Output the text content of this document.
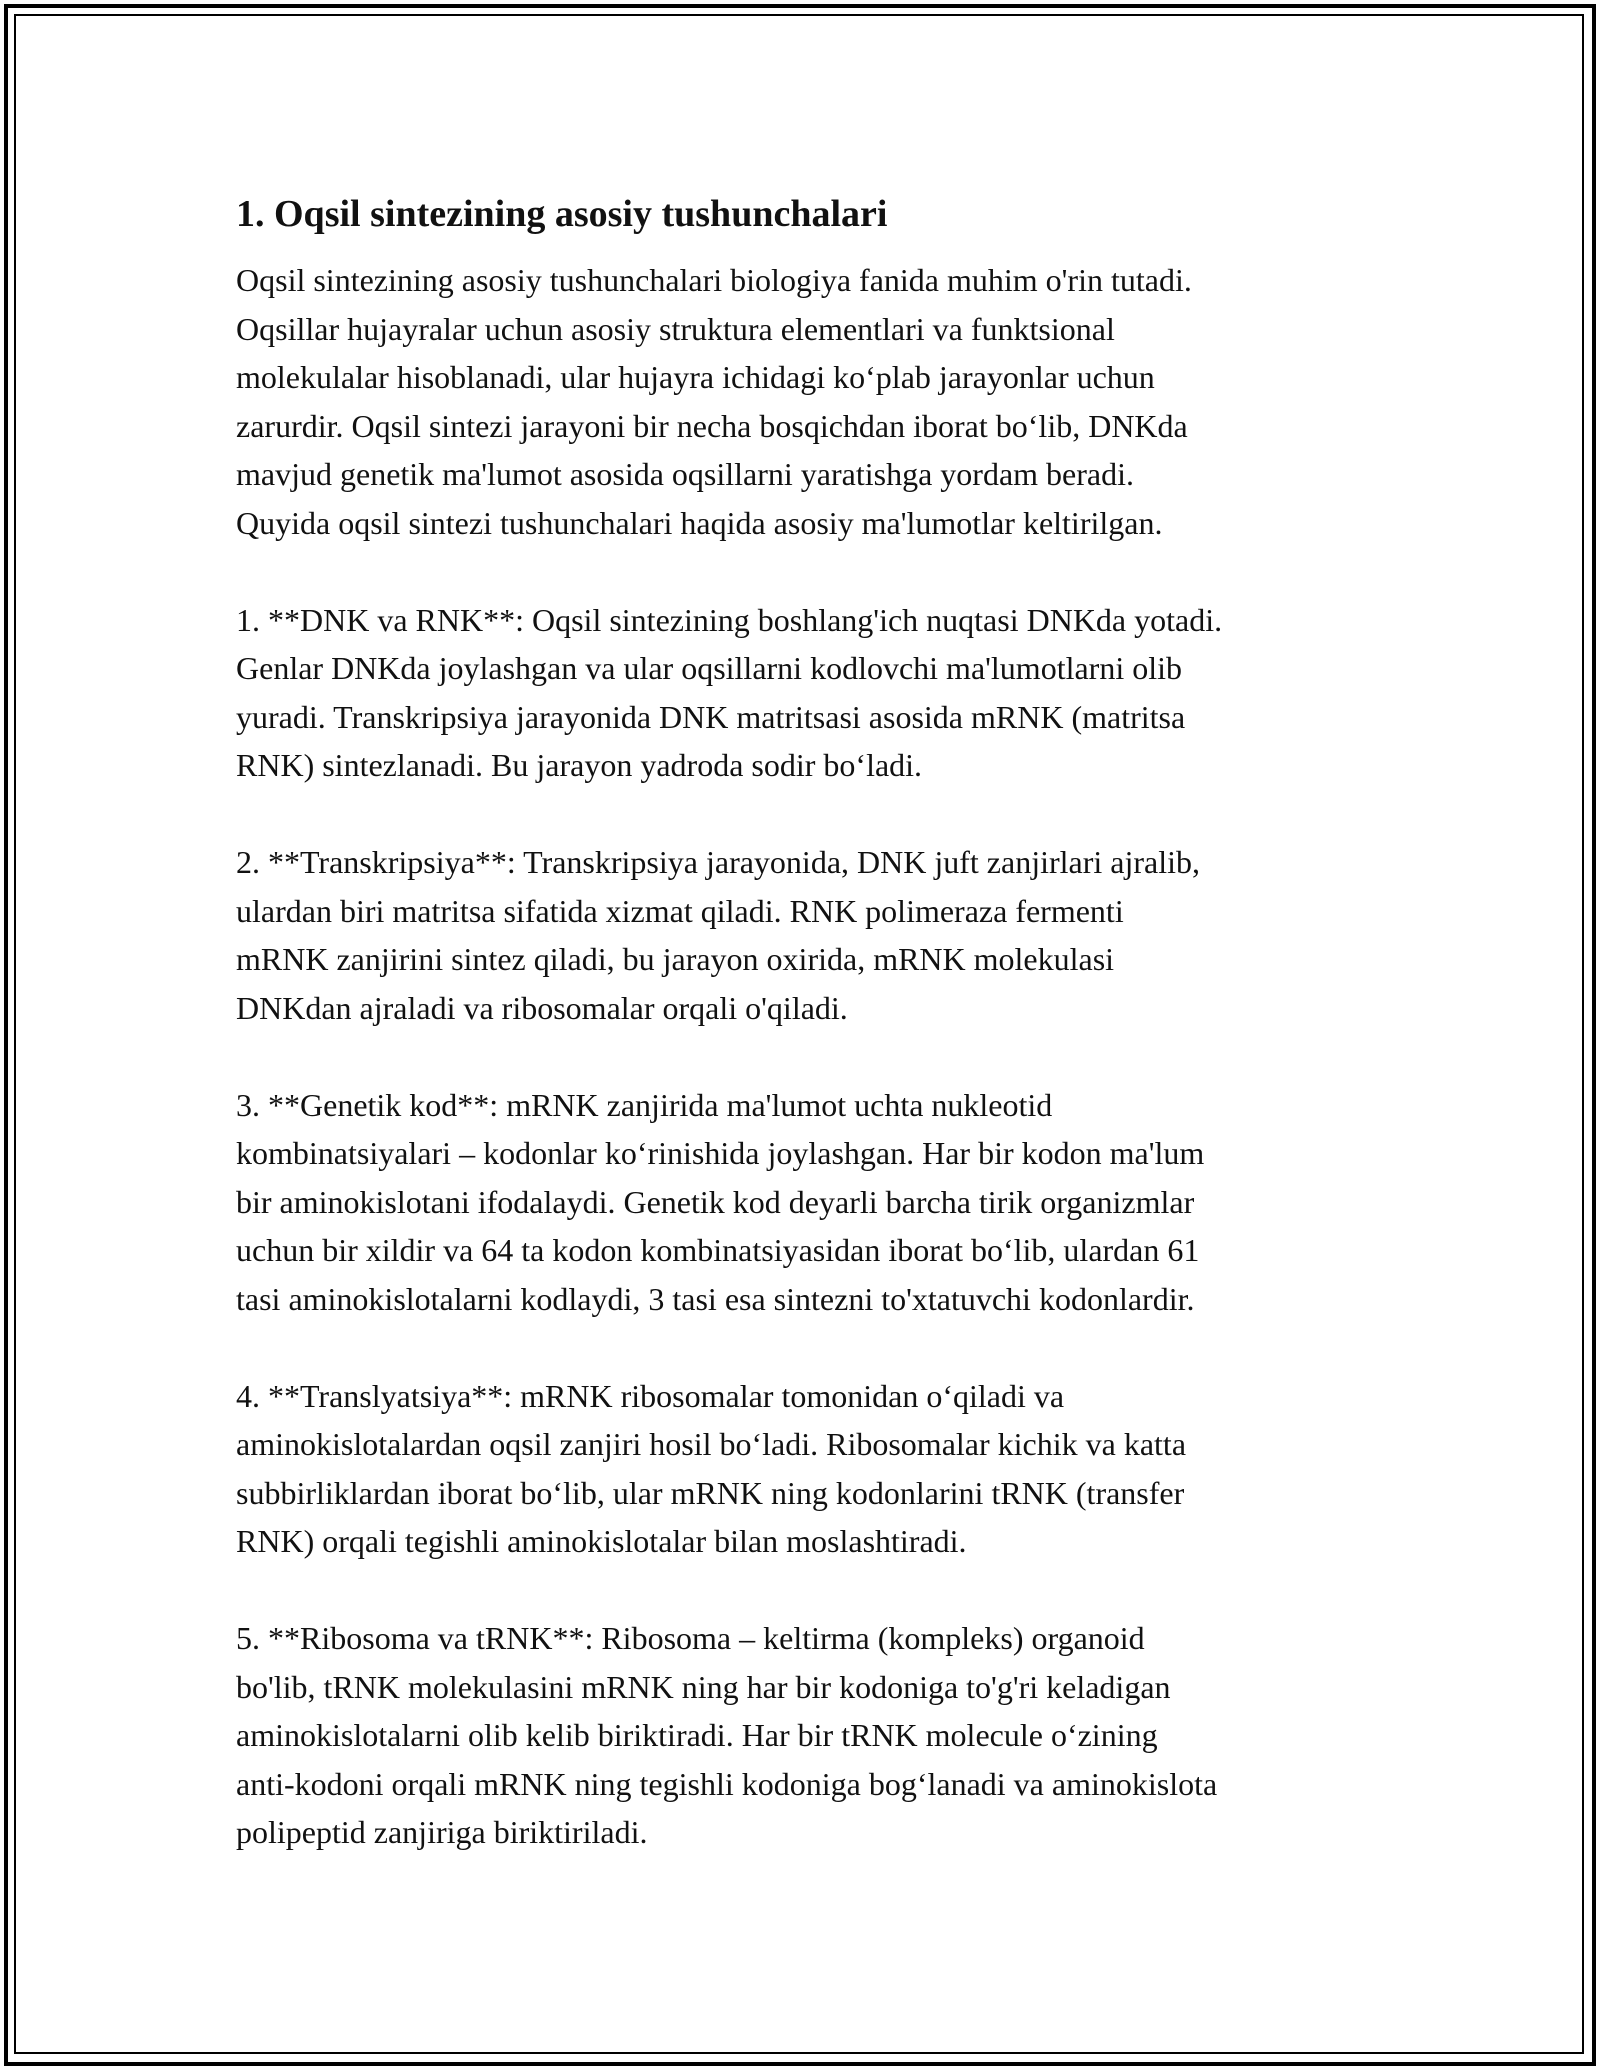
1. Oqsil sintezining asosiy tushunchalari

Oqsil sintezining asosiy tushunchalari biologiya fanida muhim o'rin tutadi.
Oqsillar hujayralar uchun asosiy struktura elementlari va funktsional
molekulalar hisoblanadi, ular hujayra ichidagi koʻplab jarayonlar uchun
zarurdir. Oqsil sintezi jarayoni bir necha bosqichdan iborat boʻlib, DNKda
mavjud genetik ma'lumot asosida oqsillarni yaratishga yordam beradi.
Quyida oqsil sintezi tushunchalari haqida asosiy ma'lumotlar keltirilgan.

1. **DNK va RNK**: Oqsil sintezining boshlang'ich nuqtasi DNKda yotadi.
Genlar DNKda joylashgan va ular oqsillarni kodlovchi ma'lumotlarni olib
yuradi. Transkripsiya jarayonida DNK matritsasi asosida mRNK (matritsa
RNK) sintezlanadi. Bu jarayon yadroda sodir boʻladi.

2. **Transkripsiya**: Transkripsiya jarayonida, DNK juft zanjirlari ajralib,
ulardan biri matritsa sifatida xizmat qiladi. RNK polimeraza fermenti
mRNK zanjirini sintez qiladi, bu jarayon oxirida, mRNK molekulasi
DNKdan ajraladi va ribosomalar orqali o'qiladi.

3. **Genetik kod**: mRNK zanjirida ma'lumot uchta nukleotid
kombinatsiyalari – kodonlar koʻrinishida joylashgan. Har bir kodon ma'lum
bir aminokislotani ifodalaydi. Genetik kod deyarli barcha tirik organizmlar
uchun bir xildir va 64 ta kodon kombinatsiyasidan iborat boʻlib, ulardan 61
tasi aminokislotalarni kodlaydi, 3 tasi esa sintezni to'xtatuvchi kodonlardir.

4. **Translyatsiya**: mRNK ribosomalar tomonidan oʻqiladi va
aminokislotalardan oqsil zanjiri hosil boʻladi. Ribosomalar kichik va katta
subbirliklardan iborat boʻlib, ular mRNK ning kodonlarini tRNK (transfer
RNK) orqali tegishli aminokislotalar bilan moslashtiradi.

5. **Ribosoma va tRNK**: Ribosoma – keltirma (kompleks) organoid
bo'lib, tRNK molekulasini mRNK ning har bir kodoniga to'g'ri keladigan
aminokislotalarni olib kelib biriktiradi. Har bir tRNK molecule oʻzining
anti-kodoni orqali mRNK ning tegishli kodoniga bogʻlanadi va aminokislota
polipeptid zanjiriga biriktiriladi.
